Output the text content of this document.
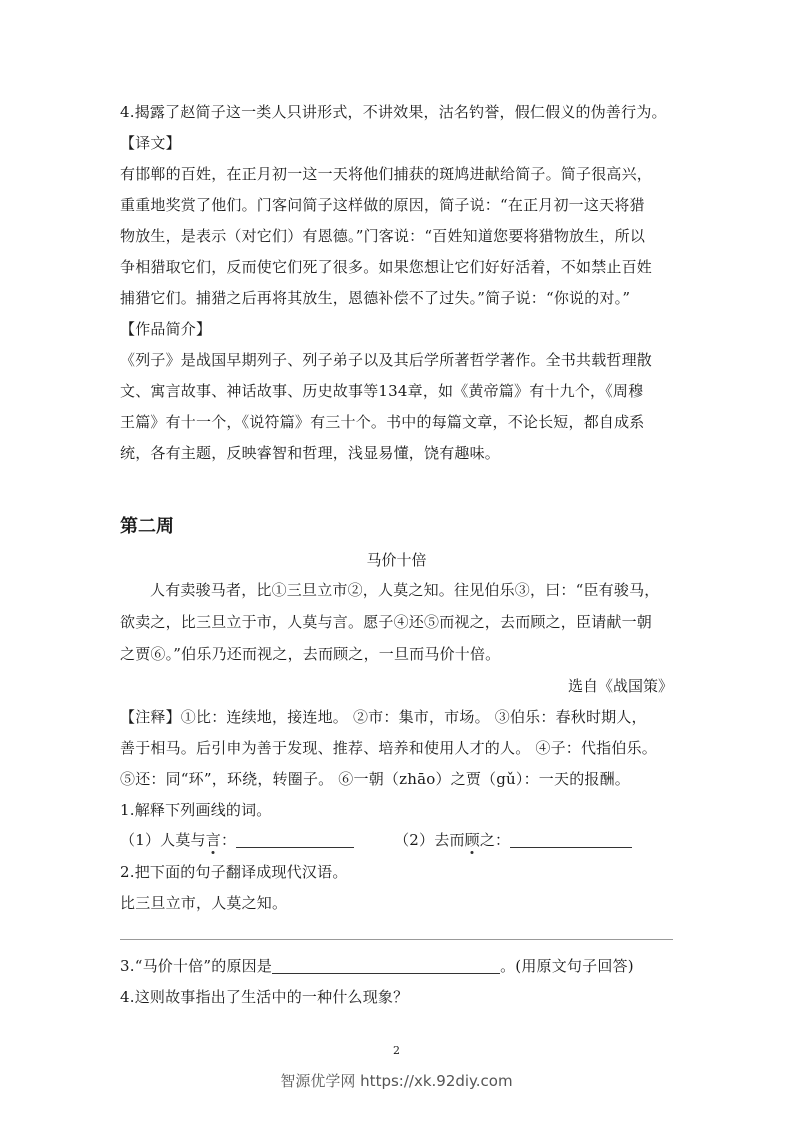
4.揭露了赵简子这一类人只讲形式，不讲效果，沽名钓誉，假仁假义的伪善行为。
【译文】
有邯郸的百姓，在正月初一这一天将他们捕获的斑鸠进献给简子。简子很高兴，
重重地奖赏了他们。门客问简子这样做的原因，简子说：“在正月初一这天将猎
物放生，是表示（对它们）有恩德。”门客说：“百姓知道您要将猎物放生，所以
争相猎取它们，反而使它们死了很多。如果您想让它们好好活着，不如禁止百姓
捕猎它们。捕猎之后再将其放生，恩德补偿不了过失。”简子说：“你说的对。”
【作品简介】
《列子》是战国早期列子、列子弟子以及其后学所著哲学著作。全书共载哲理散
文、寓言故事、神话故事、历史故事等134章，如《黄帝篇》有十九个，《周穆
王篇》有十一个，《说符篇》有三十个。书中的每篇文章，不论长短，都自成系
统，各有主题，反映睿智和哲理，浅显易懂，饶有趣味。
第二周
马价十倍
人有卖骏马者，比①三旦立市②，人莫之知。往见伯乐③，曰：“臣有骏马，
欲卖之，比三旦立于市，人莫与言。愿子④还⑤而视之，去而顾之，臣请献一朝
之贾⑥。”伯乐乃还而视之，去而顾之，一旦而马价十倍。
选自《战国策》
【注释】①比：连续地，接连地。 ②市：集市，市场。 ③伯乐：春秋时期人，
善于相马。后引申为善于发现、推荐、培养和使用人才的人。 ④子：代指伯乐。
⑤还：同“环”，环绕，转圈子。 ⑥一朝（zhāo）之贾（gǔ）：一天的报酬。
1.解释下列画线的词。
（1）人莫与言：	（2）去而顾之：
2.把下面的句子翻译成现代汉语。
比三旦立市，人莫之知。
3.“马价十倍”的原因是	。(用原文句子回答)
4.这则故事指出了生活中的一种什么现象？
2
智源优学网 https://xk.92diy.com
